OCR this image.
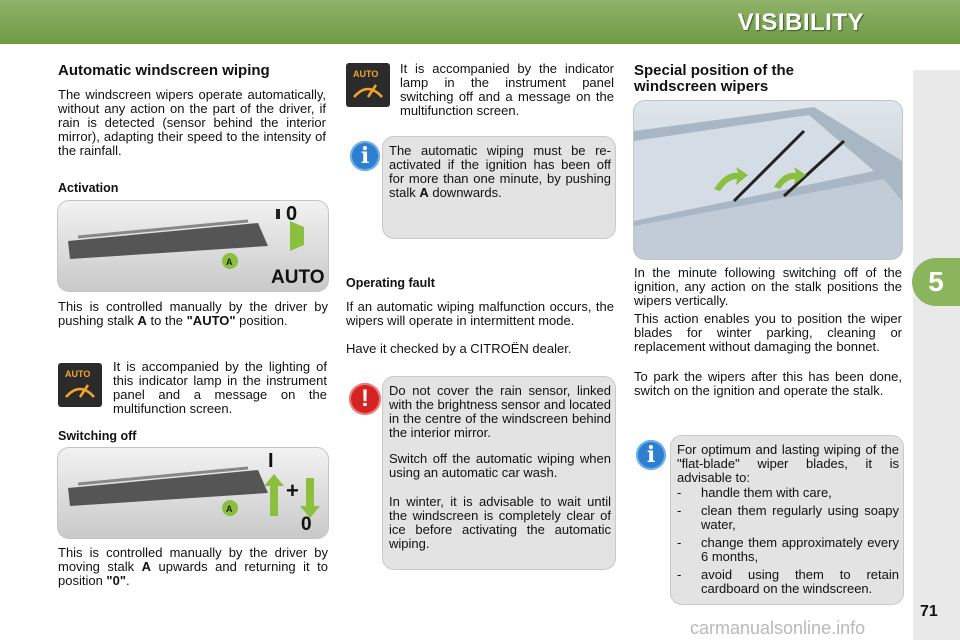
VISIBILITY
5
Automatic windscreen wiping
The windscreen wipers operate automatically, without any action on the part of the driver, if rain is detected (sensor behind the interior mirror), adapting their speed to the intensity of the rainfall.
Activation
A
0
AUTO
This is controlled manually by the driver by pushing stalk A to the "AUTO" position.
AUTO It is accompanied by the lighting of this indicator lamp in the instrument panel and a message on the multifunction screen.
Switching off
A
I
+
0
This is controlled manually by the driver by moving stalk A upwards and returning it to position "0".
AUTO It is accompanied by the indicator lamp in the instrument panel switching off and a message on the multifunction screen.
The automatic wiping must be re-activated if the ignition has been off for more than one minute, by pushing stalk A downwards.
i
Operating fault
If an automatic wiping malfunction occurs, the wipers will operate in intermittent mode.
Have it checked by a CITROËN dealer.
Do not cover the rain sensor, linked with the brightness sensor and located in the centre of the windscreen behind the interior mirror.
Switch off the automatic wiping when using an automatic car wash.
In winter, it is advisable to wait until the windscreen is completely clear of ice before activating the automatic wiping.
!
Special position of the windscreen wipers
In the minute following switching off of the ignition, any action on the stalk positions the wipers vertically.
This action enables you to position the wiper blades for winter parking, cleaning or replacement without damaging the bonnet.
To park the wipers after this has been done, switch on the ignition and operate the stalk.
For optimum and lasting wiping of the "flat-blade" wiper blades, it is advisable to:
-	handle them with care,
-	clean them regularly using soapy water,
-	change them approximately every 6 months,
-	avoid using them to retain cardboard on the windscreen.
i
71
carmanualsonline.info
